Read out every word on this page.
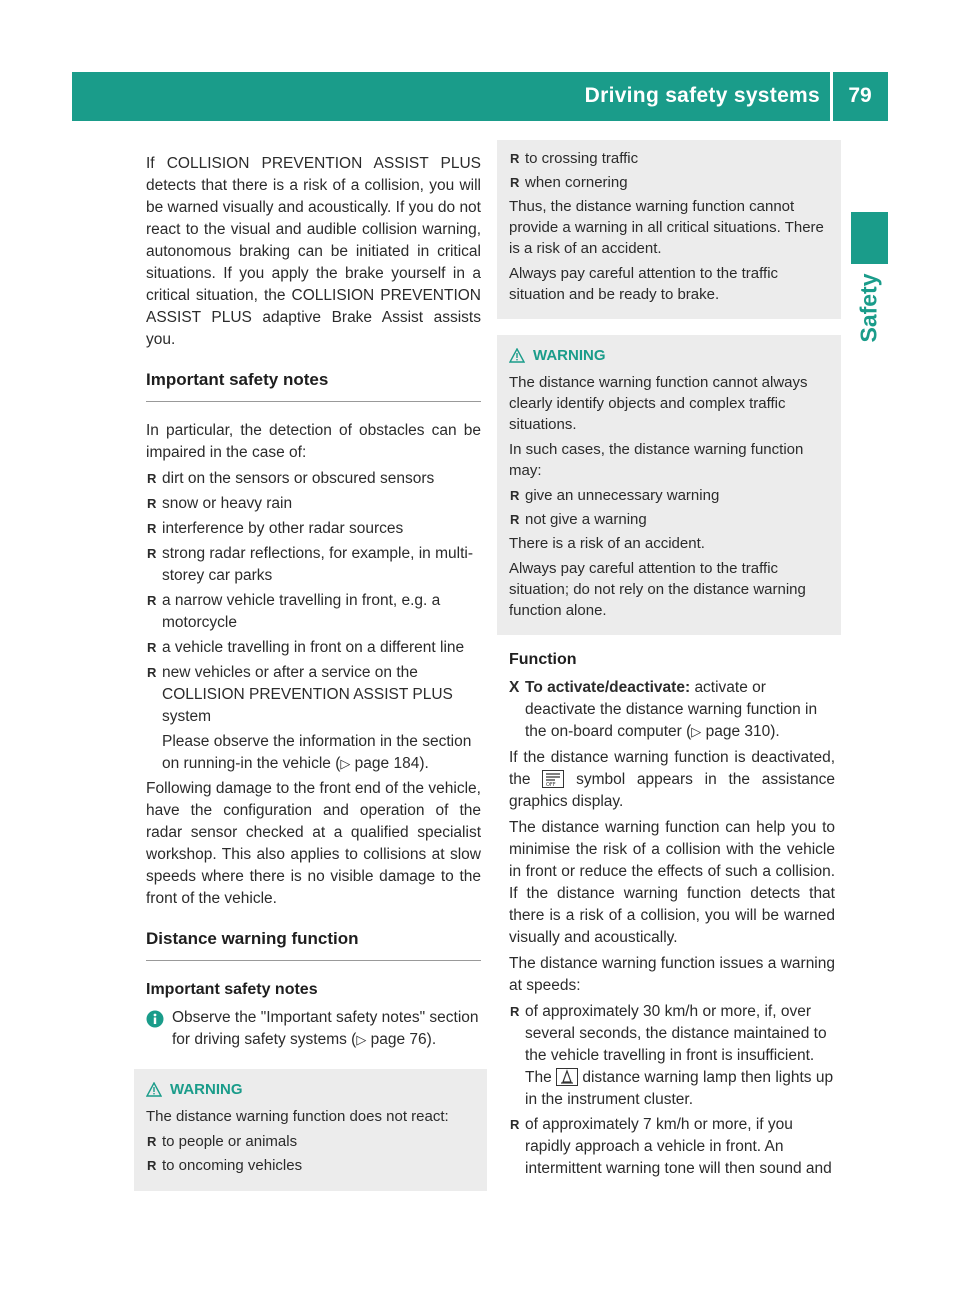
Driving safety systems	79
Safety

If COLLISION PREVENTION ASSIST PLUS detects that there is a risk of a collision, you will be warned visually and acoustically. If you do not react to the visual and audible collision warning, autonomous braking can be initiated in critical situations. If you apply the brake yourself in a critical situation, the COLLISION PREVENTION ASSIST PLUS adaptive Brake Assist assists you.

Important safety notes

In particular, the detection of obstacles can be impaired in the case of:

R dirt on the sensors or obscured sensors
R snow or heavy rain
R interference by other radar sources
R strong radar reflections, for example, in multi-storey car parks
R a narrow vehicle travelling in front, e.g. a motorcycle
R a vehicle travelling in front on a different line
R new vehicles or after a service on the COLLISION PREVENTION ASSIST PLUS system
Please observe the information in the section on running-in the vehicle (▷ page 184).

Following damage to the front end of the vehicle, have the configuration and operation of the radar sensor checked at a qualified specialist workshop. This also applies to collisions at slow speeds where there is no visible damage to the front of the vehicle.

Distance warning function
Important safety notes
Observe the "Important safety notes" section for driving safety systems (▷ page 76).
WARNING

The distance warning function does not react:

R to people or animals
R to oncoming vehicles
R to crossing traffic
R when cornering

Thus, the distance warning function cannot provide a warning in all critical situations. There is a risk of an accident.

Always pay careful attention to the traffic situation and be ready to brake.

WARNING

The distance warning function cannot always clearly identify objects and complex traffic situations.

In such cases, the distance warning function may:

R give an unnecessary warning
R not give a warning

There is a risk of an accident.

Always pay careful attention to the traffic situation; do not rely on the distance warning function alone.

Function
X To activate/deactivate: activate or deactivate the distance warning function in the on-board computer (▷ page 310).

If the distance warning function is deactivated, the	OFF symbol appears in the assistance graphics display.

The distance warning function can help you to minimise the risk of a collision with the vehicle in front or reduce the effects of such a collision. If the distance warning function detects that there is a risk of a collision, you will be warned visually and acoustically.

The distance warning function issues a warning at speeds:

R of approximately 30 km/h or more, if, over several seconds, the distance maintained to the vehicle travelling in front is insufficient. The distance warning lamp then lights up in the instrument cluster.
R of approximately 7 km/h or more, if you rapidly approach a vehicle in front. An intermittent warning tone will then sound and
